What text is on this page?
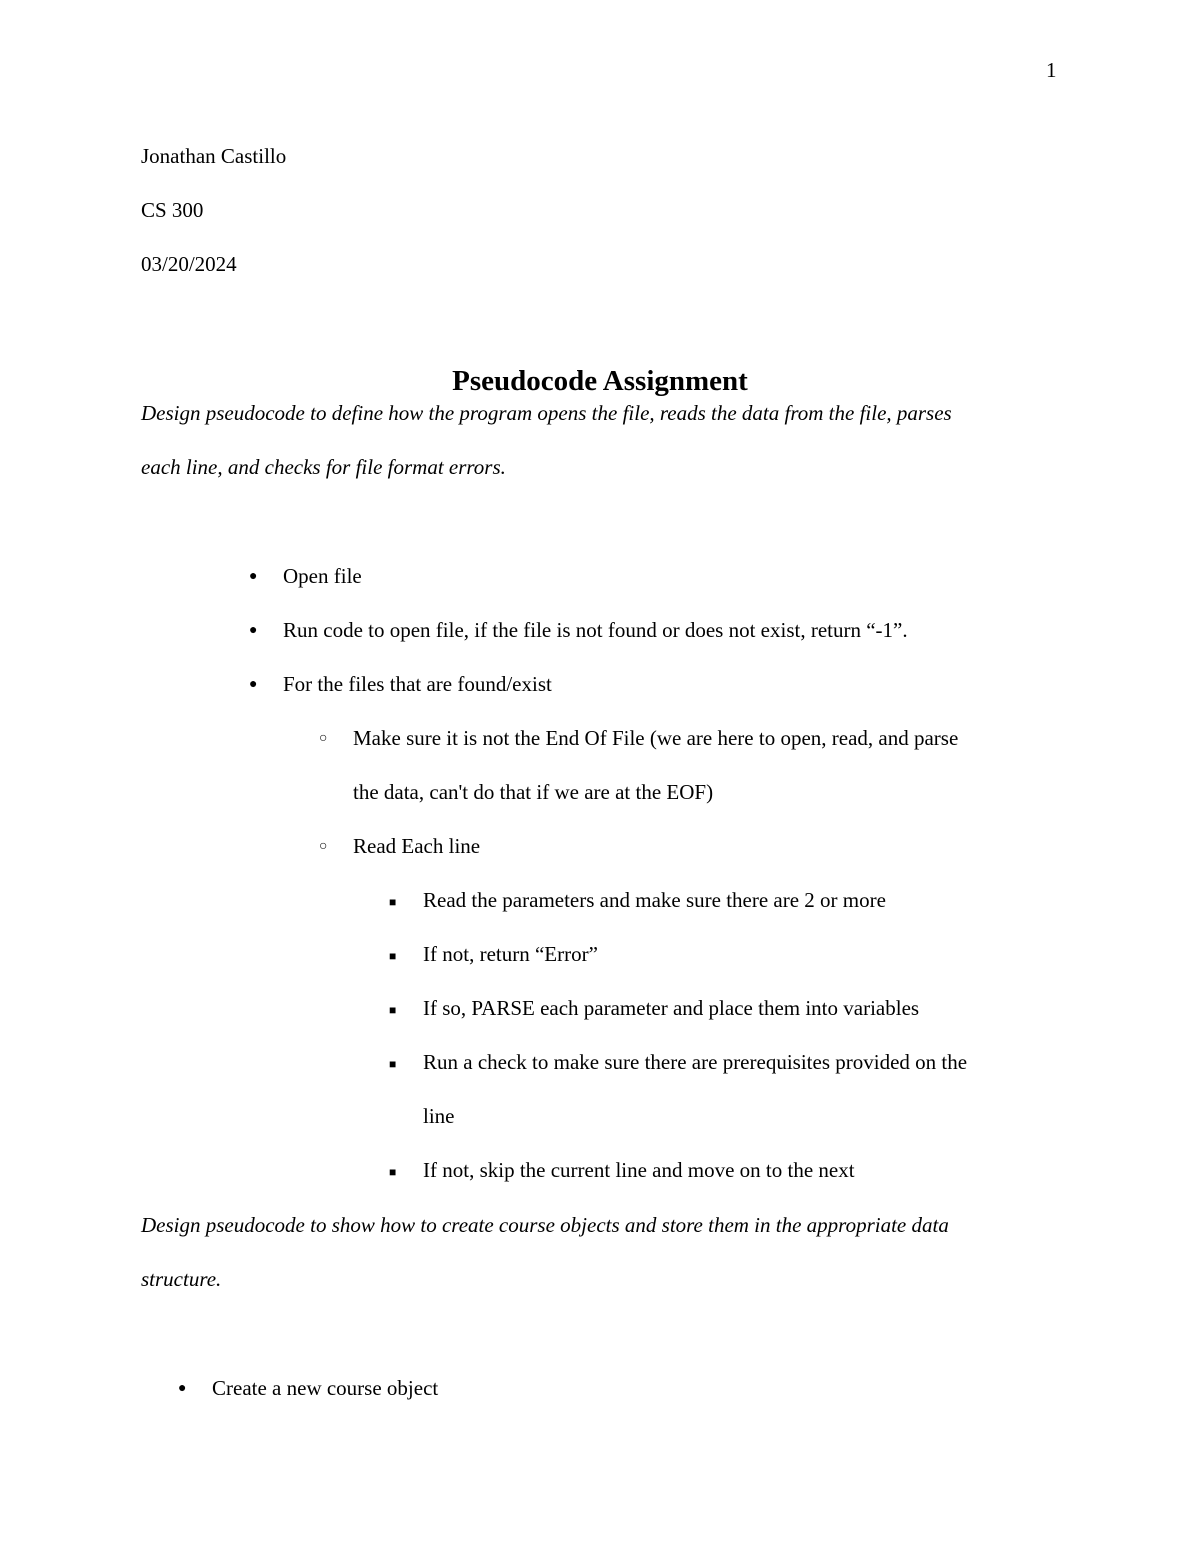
1
Jonathan Castillo
CS 300
03/20/2024
Pseudocode Assignment
Design pseudocode to define how the program opens the file, reads the data from the file, parses
each line, and checks for file format errors.
● Open file
● Run code to open file, if the file is not found or does not exist, return “-1”.
● For the files that are found/exist
○ Make sure it is not the End Of File (we are here to open, read, and parse
the data, can't do that if we are at the EOF)
○ Read Each line
■ Read the parameters and make sure there are 2 or more
■ If not, return “Error”
■ If so, PARSE each parameter and place them into variables
■ Run a check to make sure there are prerequisites provided on the
line
■ If not, skip the current line and move on to the next
Design pseudocode to show how to create course objects and store them in the appropriate data
structure.
● Create a new course object
